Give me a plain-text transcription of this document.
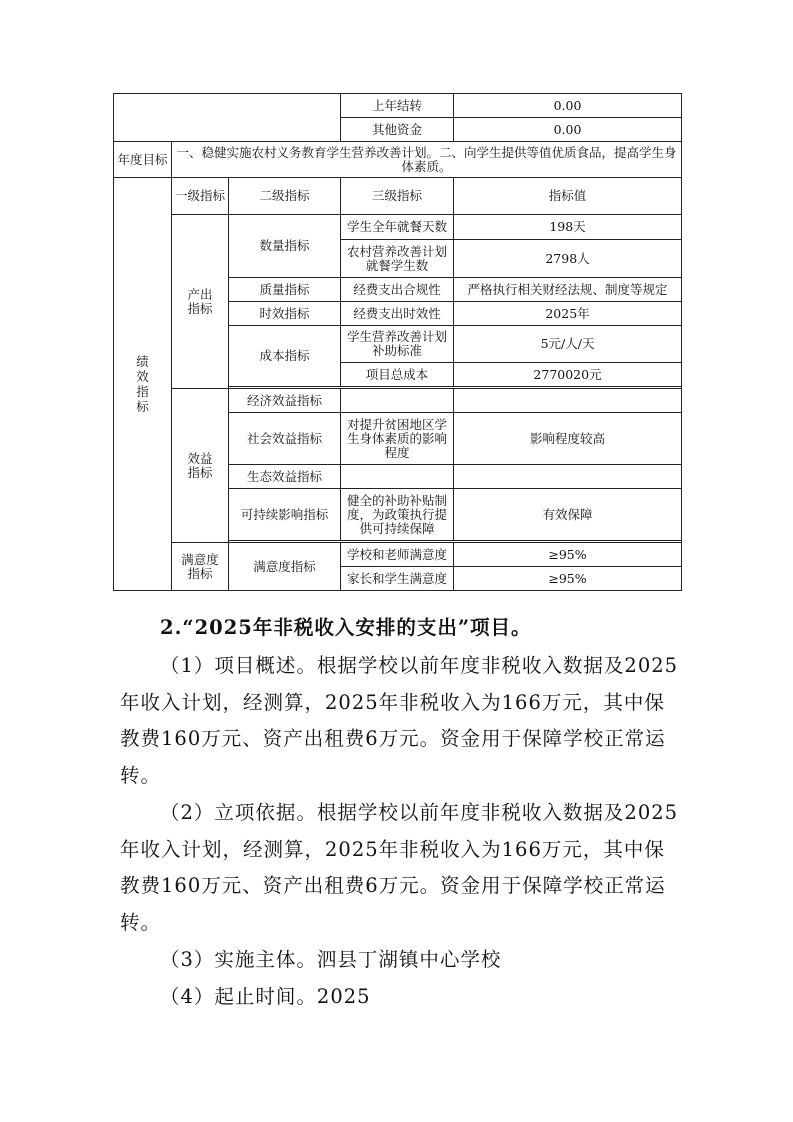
			上年结转	0.00
			其他资金	0.00
年度目标	一、稳健实施农村义务教育学生营养改善计划。二、向学生提供等值优质食品，提高学生身体素质。			
绩效指标	一级指标	二级指标	三级指标	指标值
	产出指标	数量指标	学生全年就餐天数	198天
			农村营养改善计划就餐学生数	2798人
		质量指标	经费支出合规性	严格执行相关财经法规、制度等规定
		时效指标	经费支出时效性	2025年
		成本指标	学生营养改善计划补助标准	5元/人/天
			项目总成本	2770020元

	效益指标	经济效益指标		
		社会效益指标	对提升贫困地区学生身体素质的影响程度	影响程度较高
		生态效益指标		
		可持续影响指标	健全的补助补贴制度，为政策执行提供可持续保障	有效保障

	满意度指标	满意度指标	学校和老师满意度	≥95%
			家长和学生满意度	≥95%

2.“2025年非税收入安排的支出”项目。

（1）项目概述。根据学校以前年度非税收入数据及2025年收入计划，经测算，2025年非税收入为166万元，其中保教费160万元、资产出租费6万元。资金用于保障学校正常运转。

（2）立项依据。根据学校以前年度非税收入数据及2025年收入计划，经测算，2025年非税收入为166万元，其中保教费160万元、资产出租费6万元。资金用于保障学校正常运转。

（3）实施主体。泗县丁湖镇中心学校

（4）起止时间。2025
